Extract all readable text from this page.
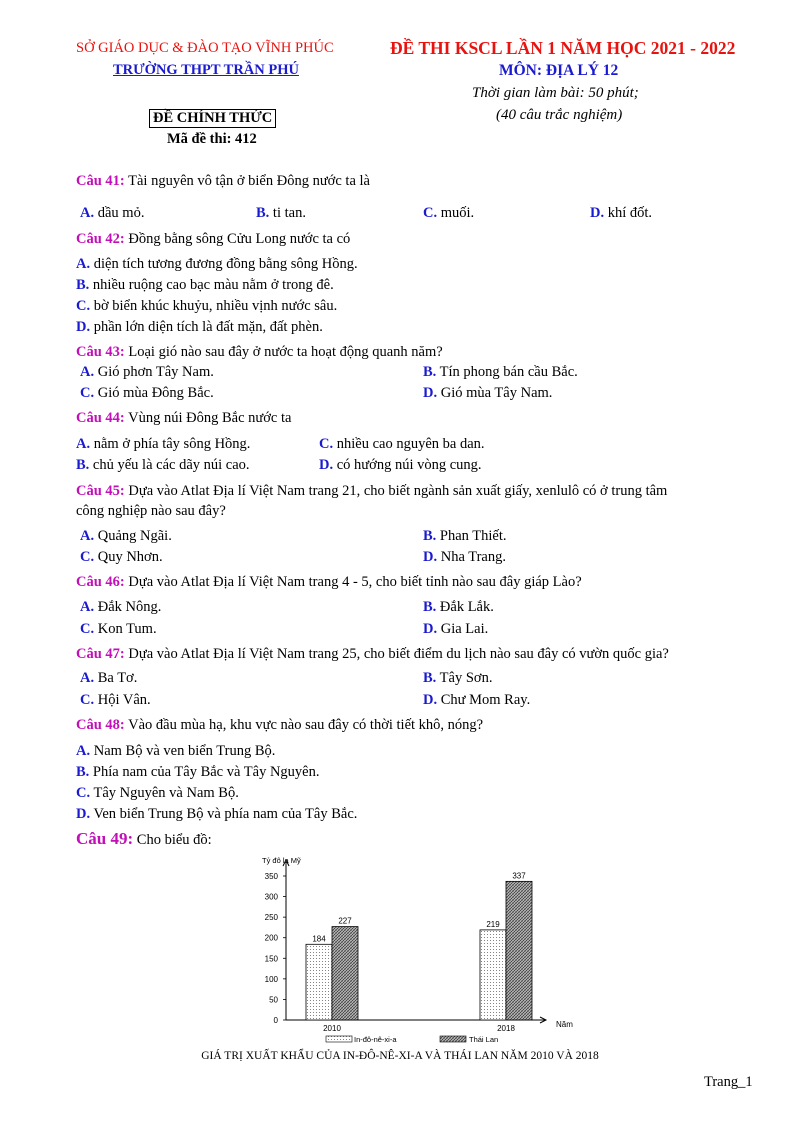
SỞ GIÁO DỤC & ĐÀO TẠO VĨNH PHÚC
TRƯỜNG THPT TRẦN PHÚ
ĐỀ THI KSCL LẦN 1 NĂM HỌC 2021 - 2022
MÔN: ĐỊA LÝ 12
Thời gian làm bài: 50 phút;
(40 câu trắc nghiệm)
ĐỀ CHÍNH THỨC
Mã đề thi: 412
Câu 41: Tài nguyên vô tận ở biển Đông nước ta là
A. dầu mỏ.	B. ti tan.	C. muối.	D. khí đốt.
Câu 42: Đồng bằng sông Cửu Long nước ta có
A. diện tích tương đương đồng bằng sông Hồng.
B. nhiều ruộng cao bạc màu nằm ở trong đê.
C. bờ biển khúc khuỷu, nhiều vịnh nước sâu.
D. phần lớn diện tích là đất mặn, đất phèn.
Câu 43: Loại gió nào sau đây ở nước ta hoạt động quanh năm?
A. Gió phơn Tây Nam.	B. Tín phong bán cầu Bắc.
C. Gió mùa Đông Bắc.	D. Gió mùa Tây Nam.
Câu 44: Vùng núi Đông Bắc nước ta
A. nằm ở phía tây sông Hồng.	C. nhiều cao nguyên ba dan.
B. chủ yếu là các dãy núi cao.	D. có hướng núi vòng cung.
Câu 45: Dựa vào Atlat Địa lí Việt Nam trang 21, cho biết ngành sản xuất giấy, xenlulô có ở trung tâm
công nghiệp nào sau đây?
A. Quảng Ngãi.	B. Phan Thiết.
C. Quy Nhơn.	D. Nha Trang.
Câu 46: Dựa vào Atlat Địa lí Việt Nam trang 4 - 5, cho biết tỉnh nào sau đây giáp Lào?
A. Đắk Nông.	B. Đắk Lắk.
C. Kon Tum.	D. Gia Lai.
Câu 47: Dựa vào Atlat Địa lí Việt Nam trang 25, cho biết điểm du lịch nào sau đây có vườn quốc gia?
A. Ba Tơ.	B. Tây Sơn.
C. Hội Vân.	D. Chư Mom Ray.
Câu 48: Vào đầu mùa hạ, khu vực nào sau đây có thời tiết khô, nóng?
A. Nam Bộ và ven biển Trung Bộ.
B. Phía nam của Tây Bắc và Tây Nguyên.
C. Tây Nguyên và Nam Bộ.
D. Ven biển Trung Bộ và phía nam của Tây Bắc.
Câu 49: Cho biểu đồ:
0
50
100
150
200
250
300
350
184
227
2010
219
337
2018
In-đô-nê-xi-a	Thái Lan
Tỷ đô la Mỹ
Năm
GIÁ TRỊ XUẤT KHẨU CỦA IN-ĐÔ-NÊ-XI-A VÀ THÁI LAN NĂM 2010 VÀ 2018
Trang_1
